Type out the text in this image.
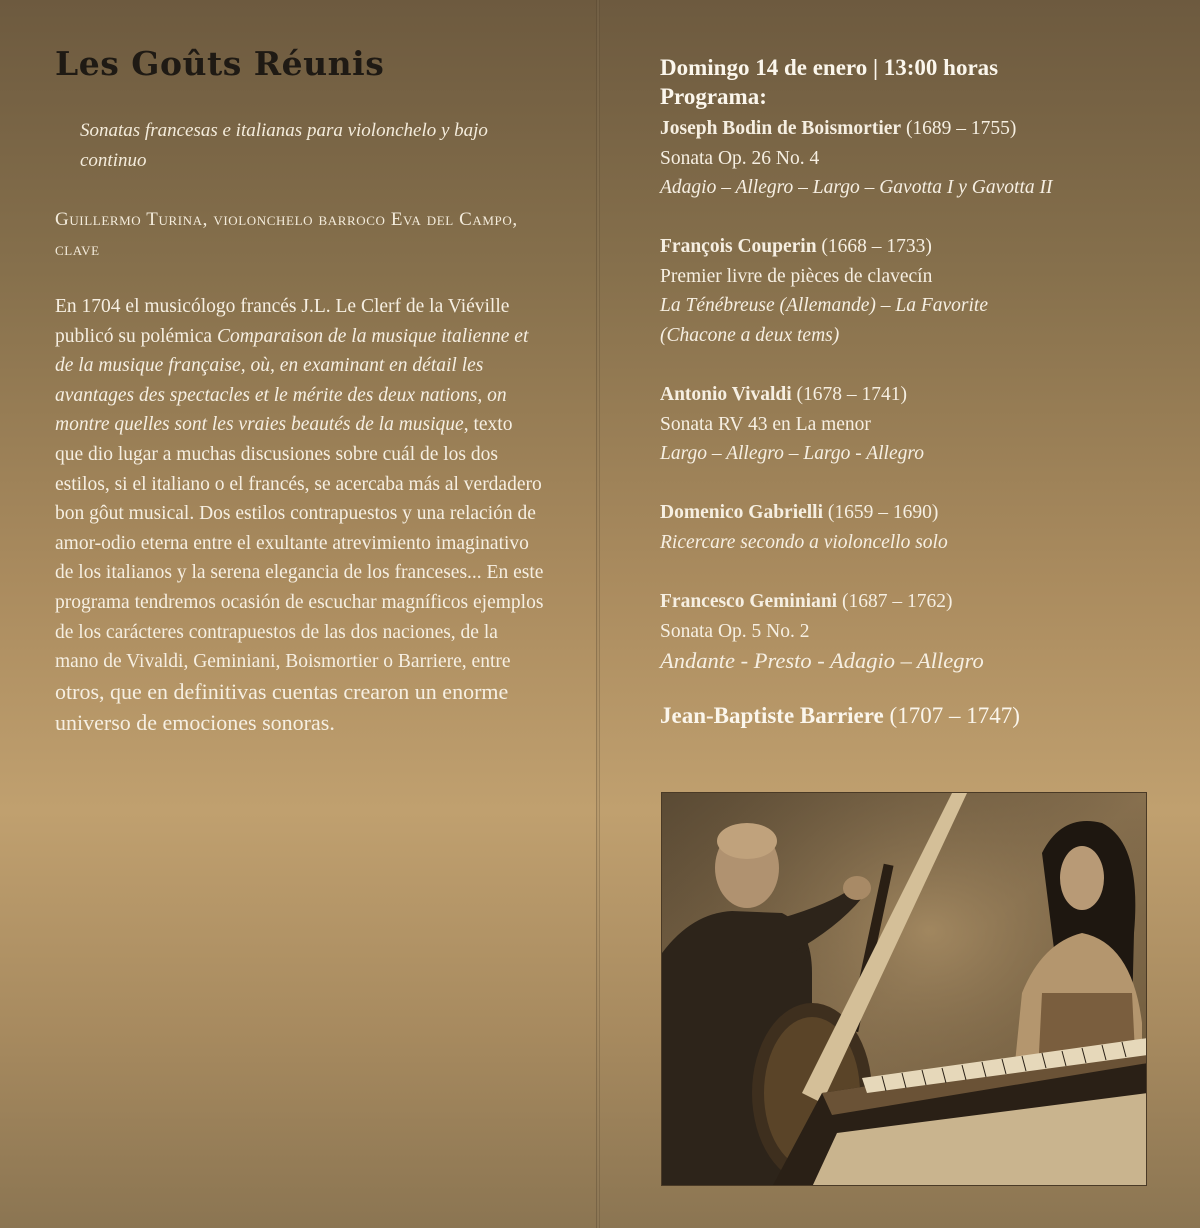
Les Goûts Réunis

Sonatas francesas e italianas para violonchelo y bajo continuo

Guillermo Turina, violonchelo barroco Eva del Campo, clave

En 1704 el musicólogo francés J.L. Le Clerf de la Viéville publicó su polémica Comparaison de la musique italienne et de la musique française, où, en examinant en détail les avantages des spectacles et le mérite des deux nations, on montre quelles sont les vraies beautés de la musique, texto que dio lugar a muchas discusiones sobre cuál de los dos estilos, si el italiano o el francés, se acercaba más al verdadero bon gôut musical. Dos estilos contrapuestos y una relación de amor-odio eterna entre el exultante atrevimiento imaginativo de los italianos y la serena elegancia de los franceses... En este programa tendremos ocasión de escuchar magníficos ejemplos de los carácteres contrapuestos de las dos naciones, de la mano de Vivaldi, Geminiani, Boismortier o Barriere, entre otros, que en definitivas cuentas crearon un enorme universo de emociones sonoras.
Domingo 14 de enero | 13:00 horas
Programa:
Joseph Bodin de Boismortier (1689 – 1755)
Sonata Op. 26 No. 4
Adagio – Allegro – Largo – Gavotta I y Gavotta II
François Couperin (1668 – 1733)
Premier livre de pièces de clavecín
La Ténébreuse (Allemande) – La Favorite (Chacone a deux tems)
Antonio Vivaldi (1678 – 1741)
Sonata RV 43 en La menor
Largo – Allegro – Largo - Allegro
Domenico Gabrielli (1659 – 1690)
Ricercare secondo a violoncello solo
Francesco Geminiani (1687 – 1762)
Sonata Op. 5 No. 2
Andante - Presto - Adagio – Allegro
Jean-Baptiste Barriere (1707 – 1747)
